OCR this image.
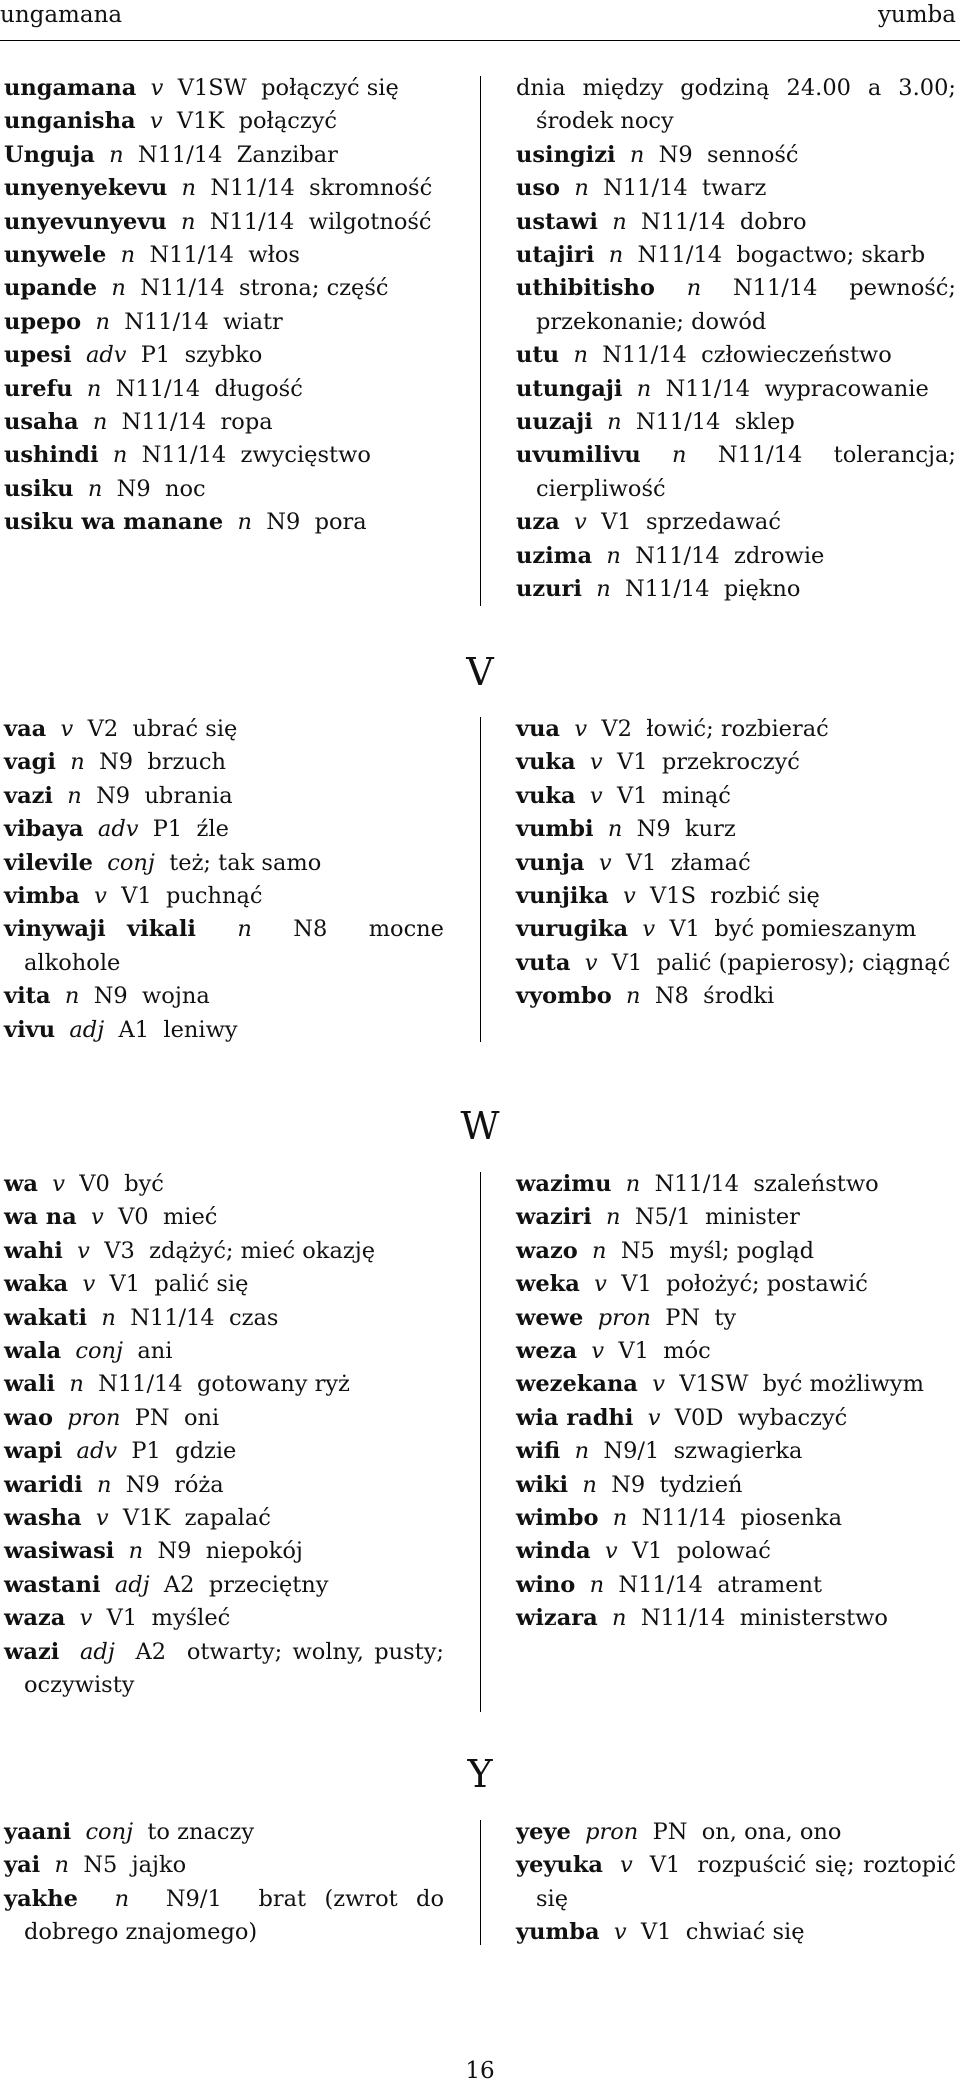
ungamana	yumba

ungamana v V1SW połączyć się

unganisha v V1K połączyć

Unguja n N11/14 Zanzibar

unyenyekevu n N11/14 skromność

unyevunyevu n N11/14 wilgotność

unywele n N11/14 włos

upande n N11/14 strona; część

upepo n N11/14 wiatr

upesi adv P1 szybko

urefu n N11/14 długość

usaha n N11/14 ropa

ushindi n N11/14 zwycięstwo

usiku n N9 noc

usiku wa manane n N9 pora

dnia między godziną 24.00 a 3.00; środek nocy

usingizi n N9 senność

uso n N11/14 twarz

ustawi n N11/14 dobro

utajiri n N11/14 bogactwo; skarb

uthibitisho n N11/14 pewność; przekonanie; dowód

utu n N11/14 człowieczeństwo

utungaji n N11/14 wypracowanie

uuzaji n N11/14 sklep

uvumilivu n N11/14 tolerancja; cierpliwość

uza v V1 sprzedawać

uzima n N11/14 zdrowie

uzuri n N11/14 piękno

V

vaa v V2 ubrać się

vagi n N9 brzuch

vazi n N9 ubrania

vibaya adv P1 źle

vilevile conj też; tak samo

vimba v V1 puchnąć

vinywaji vikali n N8 mocne alkohole

vita n N9 wojna

vivu adj A1 leniwy

vua v V2 łowić; rozbierać

vuka v V1 przekroczyć

vuka v V1 minąć

vumbi n N9 kurz

vunja v V1 złamać

vunjika v V1S rozbić się

vurugika v V1 być pomieszanym

vuta v V1 palić (papierosy); ciągnąć

vyombo n N8 środki

W

wa v V0 być

wa na v V0 mieć

wahi v V3 zdążyć; mieć okazję

waka v V1 palić się

wakati n N11/14 czas

wala conj ani

wali n N11/14 gotowany ryż

wao pron PN oni

wapi adv P1 gdzie

waridi n N9 róża

washa v V1K zapalać

wasiwasi n N9 niepokój

wastani adj A2 przeciętny

waza v V1 myśleć

wazi adj A2 otwarty; wolny, pusty; oczywisty

wazimu n N11/14 szaleństwo

waziri n N5/1 minister

wazo n N5 myśl; pogląd

weka v V1 położyć; postawić

wewe pron PN ty

weza v V1 móc

wezekana v V1SW być możliwym

wia radhi v V0D wybaczyć

wifi n N9/1 szwagierka

wiki n N9 tydzień

wimbo n N11/14 piosenka

winda v V1 polować

wino n N11/14 atrament

wizara n N11/14 ministerstwo

Y

yaani conj to znaczy

yai n N5 jajko

yakhe n N9/1 brat (zwrot do dobrego znajomego)

yeye pron PN on, ona, ono

yeyuka v V1 rozpuścić się; roztopić się

yumba v V1 chwiać się

16
